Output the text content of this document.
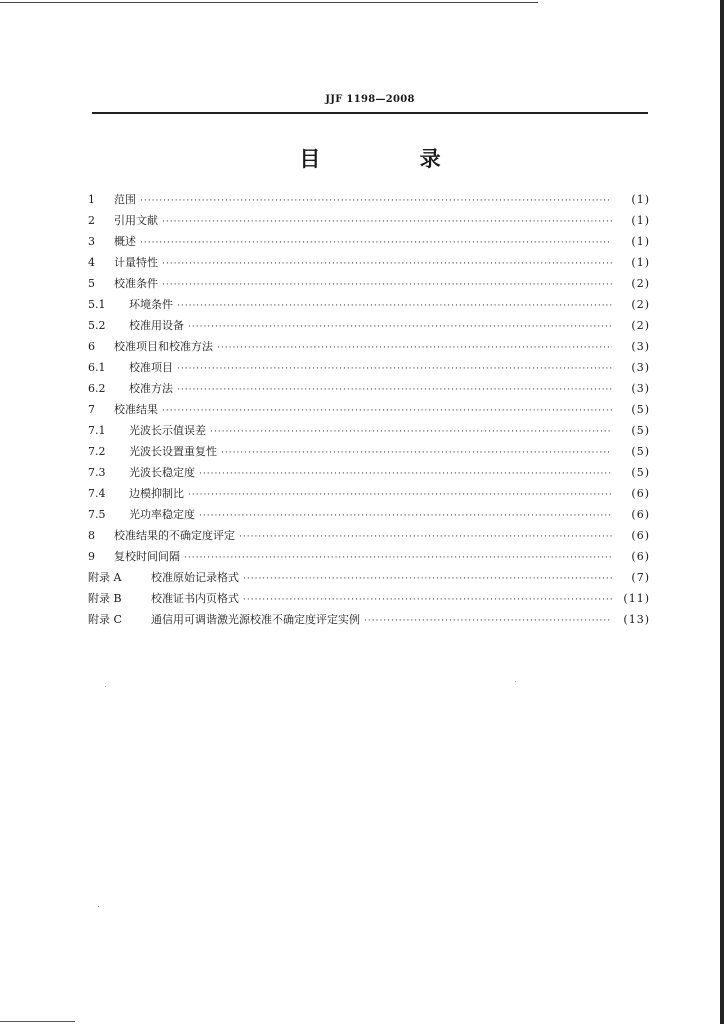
JJF 1198—2008
目 录
1	范围 ·····	(1)
2	引用文献 ·····	(1)
3	概述 ·····	(1)
4	计量特性 ·····	(1)
5	校准条件 ·····	(2)
5.1	环境条件 ·····	(2)
5.2	校准用设备 ·····	(2)
6	校准项目和校准方法 ·····	(3)
6.1	校准项目 ·····	(3)
6.2	校准方法 ·····	(3)
7	校准结果 ·····	(5)
7.1	光波长示值误差 ·····	(5)
7.2	光波长设置重复性 ·····	(5)
7.3	光波长稳定度 ·····	(5)
7.4	边模抑制比 ·····	(6)
7.5	光功率稳定度 ·····	(6)
8	校准结果的不确定度评定 ·····	(6)
9	复校时间间隔 ·····	(6)
附录 A	校准原始记录格式 ·····	(7)
附录 B	校准证书内页格式 ·····	(11)
附录 C	通信用可调谐激光源校准不确定度评定实例 ·····	(13)
